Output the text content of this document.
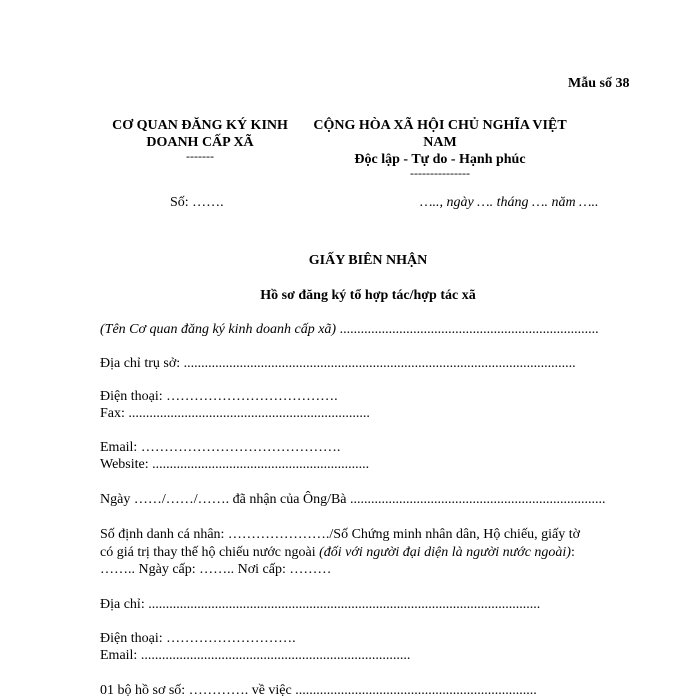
Mẫu số 38
CƠ QUAN ĐĂNG KÝ KINH
DOANH CẤP XÃ
-------
Số: …….
CỘNG HÒA XÃ HỘI CHỦ NGHĨA VIỆT
NAM
Độc lập - Tự do - Hạnh phúc
---------------
….., ngày …. tháng …. năm …..
GIẤY BIÊN NHẬN
Hồ sơ đăng ký tổ hợp tác/hợp tác xã
(Tên Cơ quan đăng ký kinh doanh cấp xã) ..........................................................................
Địa chỉ trụ sở: ................................................................................................................
Điện thoại: ……………………………….
Fax: .....................................................................
Email: …………………………………….
Website: ..............................................................
Ngày ……/……/……. đã nhận của Ông/Bà .........................................................................
Số định danh cá nhân: …………………./Số Chứng minh nhân dân, Hộ chiếu, giấy tờ
có giá trị thay thế hộ chiếu nước ngoài (đối với người đại diện là người nước ngoài):
…….. Ngày cấp: …….. Nơi cấp: ………
Địa chỉ: ................................................................................................................
Điện thoại: ……………………….
Email: .............................................................................
01 bộ hồ sơ số: …………. về việc .....................................................................
